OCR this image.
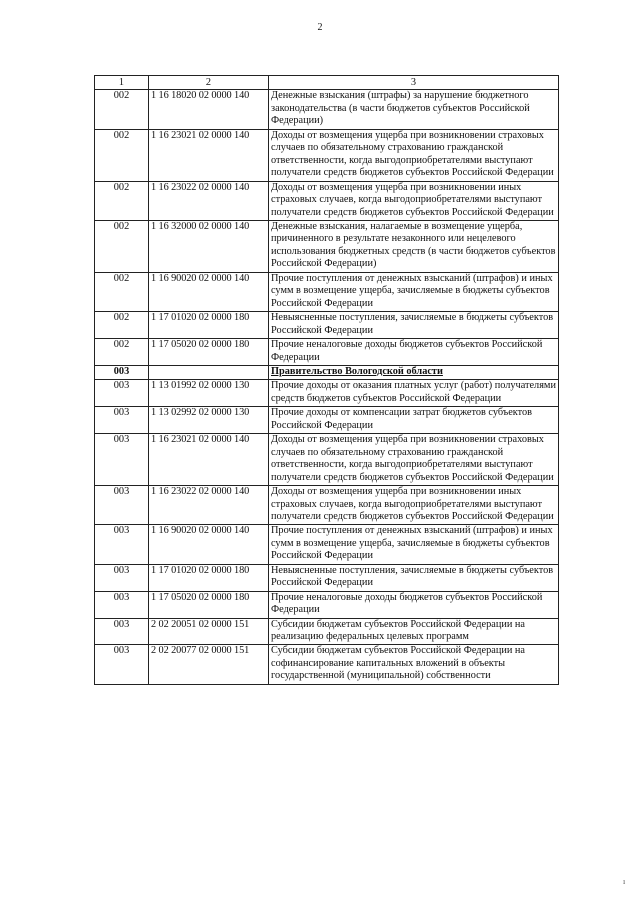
2
1	2	3
002	1 16 18020 02 0000 140	Денежные взыскания (штрафы) за нарушение бюджетного законодательства (в части бюджетов субъектов Российской Федерации)
002	1 16 23021 02 0000 140	Доходы от возмещения ущерба при возникновении страховых случаев по обязательному страхованию гражданской ответственности, когда выгодоприобретателями выступают получатели средств бюджетов субъектов Российской Федерации
002	1 16 23022 02 0000 140	Доходы от возмещения ущерба при возникновении иных страховых случаев, когда выгодоприобретателями выступают получатели средств бюджетов субъектов Российской Федерации
002	1 16 32000 02 0000 140	Денежные взыскания, налагаемые в возмещение ущерба, причиненного в результате незаконного или нецелевого использования бюджетных средств (в части бюджетов субъектов Российской Федерации)
002	1 16 90020 02 0000 140	Прочие поступления от денежных взысканий (штрафов) и иных сумм в возмещение ущерба, зачисляемые в бюджеты субъектов Российской Федерации
002	1 17 01020 02 0000 180	Невыясненные поступления, зачисляемые в бюджеты субъектов Российской Федерации
002	1 17 05020 02 0000 180	Прочие неналоговые доходы бюджетов субъектов Российской Федерации
003		Правительство Вологодской области
003	1 13 01992 02 0000 130	Прочие доходы от оказания платных услуг (работ) получателями средств бюджетов субъектов Российской Федерации
003	1 13 02992 02 0000 130	Прочие доходы от компенсации затрат бюджетов субъектов Российской Федерации
003	1 16 23021 02 0000 140	Доходы от возмещения ущерба при возникновении страховых случаев по обязательному страхованию гражданской ответственности, когда выгодоприобретателями выступают получатели средств бюджетов субъектов Российской Федерации
003	1 16 23022 02 0000 140	Доходы от возмещения ущерба при возникновении иных страховых случаев, когда выгодоприобретателями выступают получатели средств бюджетов субъектов Российской Федерации
003	1 16 90020 02 0000 140	Прочие поступления от денежных взысканий (штрафов) и иных сумм в возмещение ущерба, зачисляемые в бюджеты субъектов Российской Федерации
003	1 17 01020 02 0000 180	Невыясненные поступления, зачисляемые в бюджеты субъектов Российской Федерации
003	1 17 05020 02 0000 180	Прочие неналоговые доходы бюджетов субъектов Российской Федерации
003	2 02 20051 02 0000 151	Субсидии бюджетам субъектов Российской Федерации на реализацию федеральных целевых программ
003	2 02 20077 02 0000 151	Субсидии бюджетам субъектов Российской Федерации на софинансирование капитальных вложений в объекты государственной (муниципальной) собственности
ı
